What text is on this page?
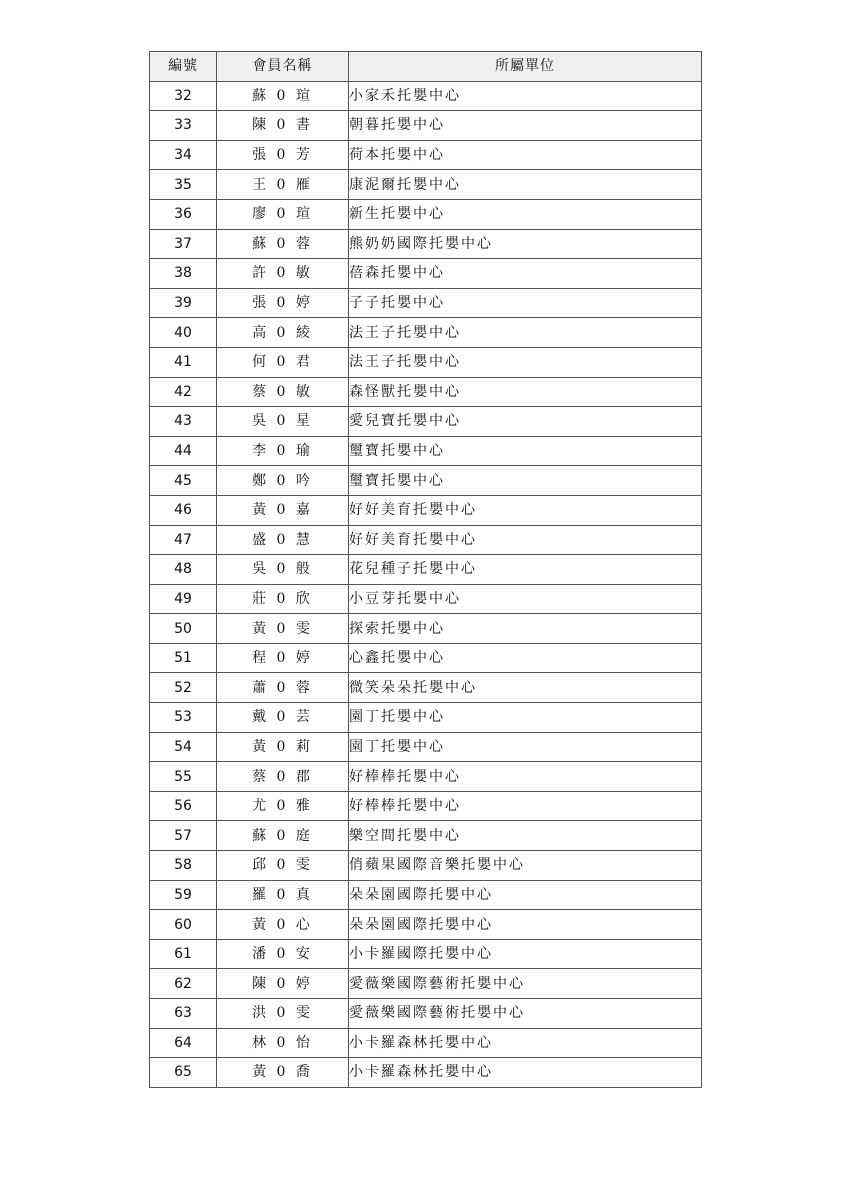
編號	會員名稱	所屬單位
32	蘇 0 瑄	小家禾托嬰中心
33	陳 0 書	朝暮托嬰中心
34	張 0 芳	荷本托嬰中心
35	王 0 雁	康泥爾托嬰中心
36	廖 0 瑄	新生托嬰中心
37	蘇 0 蓉	熊奶奶國際托嬰中心
38	許 0 敏	蓓森托嬰中心
39	張 0 婷	子子托嬰中心
40	高 0 綾	法王子托嬰中心
41	何 0 君	法王子托嬰中心
42	蔡 0 敏	森怪獸托嬰中心
43	吳 0 星	愛兒寶托嬰中心
44	李 0 瑜	璽寶托嬰中心
45	鄭 0 吟	璽寶托嬰中心
46	黃 0 嘉	好好美育托嬰中心
47	盛 0 慧	好好美育托嬰中心
48	吳 0 般	花兒種子托嬰中心
49	莊 0 欣	小豆芽托嬰中心
50	黃 0 雯	探索托嬰中心
51	程 0 婷	心鑫托嬰中心
52	蕭 0 蓉	微笑朵朵托嬰中心
53	戴 0 芸	園丁托嬰中心
54	黃 0 莉	園丁托嬰中心
55	蔡 0 郡	好棒棒托嬰中心
56	尤 0 雅	好棒棒托嬰中心
57	蘇 0 庭	樂空間托嬰中心
58	邱 0 雯	俏蘋果國際音樂托嬰中心
59	羅 0 真	朵朵園國際托嬰中心
60	黃 0 心	朵朵園國際托嬰中心
61	潘 0 安	小卡羅國際托嬰中心
62	陳 0 婷	愛薇樂國際藝術托嬰中心
63	洪 0 雯	愛薇樂國際藝術托嬰中心
64	林 0 怡	小卡羅森林托嬰中心
65	黃 0 喬	小卡羅森林托嬰中心
